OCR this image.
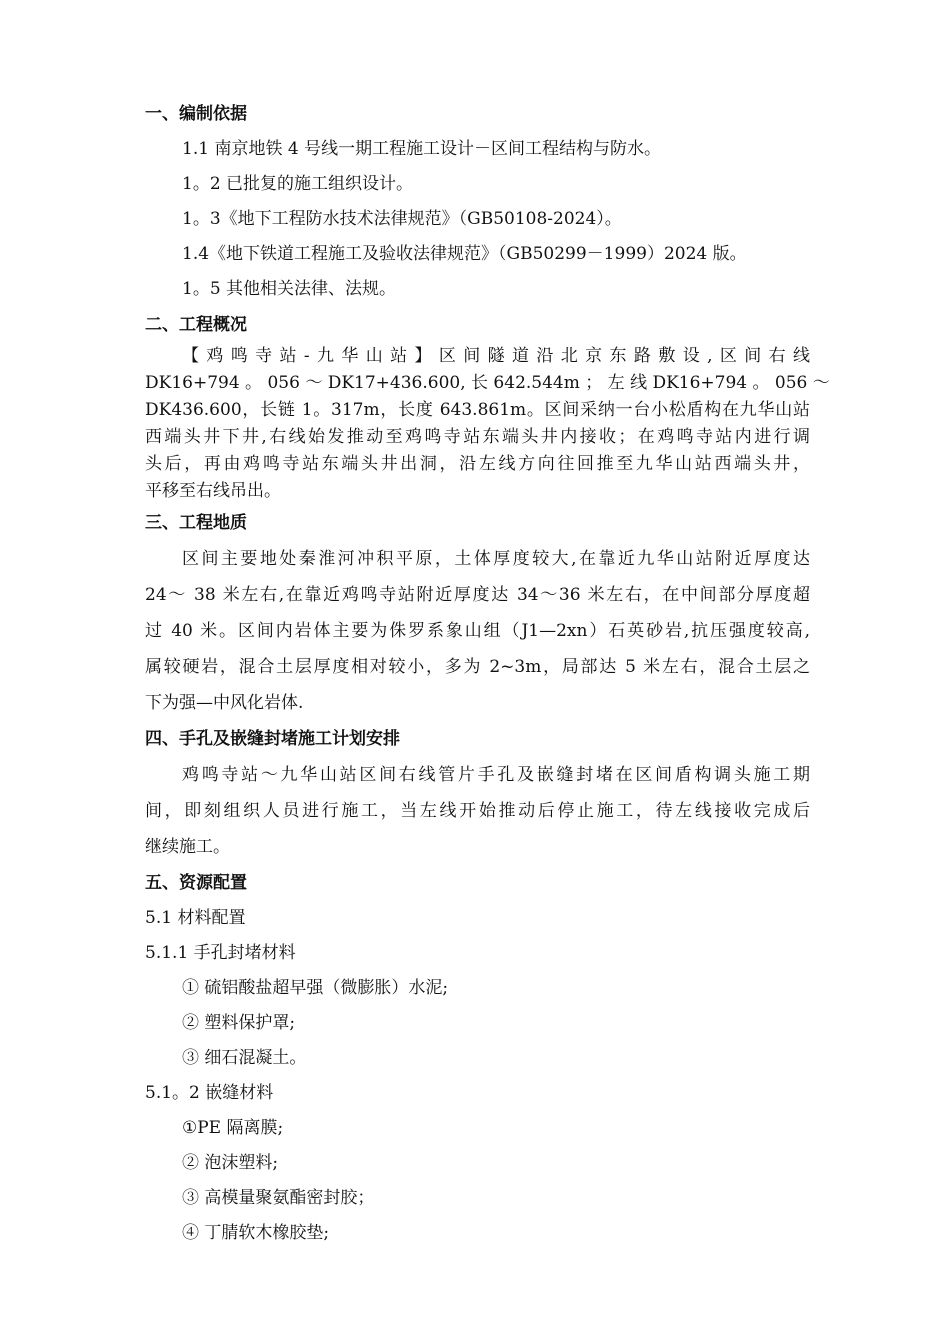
一、编制依据
1.1 南京地铁 4 号线一期工程施工设计－区间工程结构与防水。
1。2 已批复的施工组织设计。
1。3《地下工程防水技术法律规范》（GB50108-2024）。
1.4《地下铁道工程施工及验收法律规范》（GB50299－1999）2024 版。
1。5 其他相关法律、法规。
二、工程概况
【鸡鸣寺站-九华山站】区间隧道沿北京东路敷设,区间右线
DK16+794 。 056 ～ DK17+436.600, 长 642.544m ； 左 线 DK16+794 。 056 ～
DK436.600，长链 1。317m，长度 643.861m。区间采纳一台小松盾构在九华山站
西端头井下井,右线始发推动至鸡鸣寺站东端头井内接收；在鸡鸣寺站内进行调
头后，再由鸡鸣寺站东端头井出洞，沿左线方向往回推至九华山站西端头井，
平移至右线吊出。
三、工程地质
区间主要地处秦淮河冲积平原，土体厚度较大,在靠近九华山站附近厚度达
24～ 38 米左右,在靠近鸡鸣寺站附近厚度达 34～36 米左右，在中间部分厚度超
过 40 米。区间内岩体主要为侏罗系象山组（J1—2xn）石英砂岩,抗压强度较高,
属较硬岩，混合土层厚度相对较小，多为 2~3m，局部达 5 米左右，混合土层之
下为强—中风化岩体.
四、手孔及嵌缝封堵施工计划安排
鸡鸣寺站～九华山站区间右线管片手孔及嵌缝封堵在区间盾构调头施工期
间，即刻组织人员进行施工，当左线开始推动后停止施工，待左线接收完成后
继续施工。
五、资源配置
5.1 材料配置
5.1.1 手孔封堵材料
① 硫铝酸盐超早强（微膨胀）水泥;
② 塑料保护罩;
③ 细石混凝土。
5.1。2 嵌缝材料
①PE 隔离膜;
② 泡沫塑料;
③ 高模量聚氨酯密封胶；
④ 丁腈软木橡胶垫;
